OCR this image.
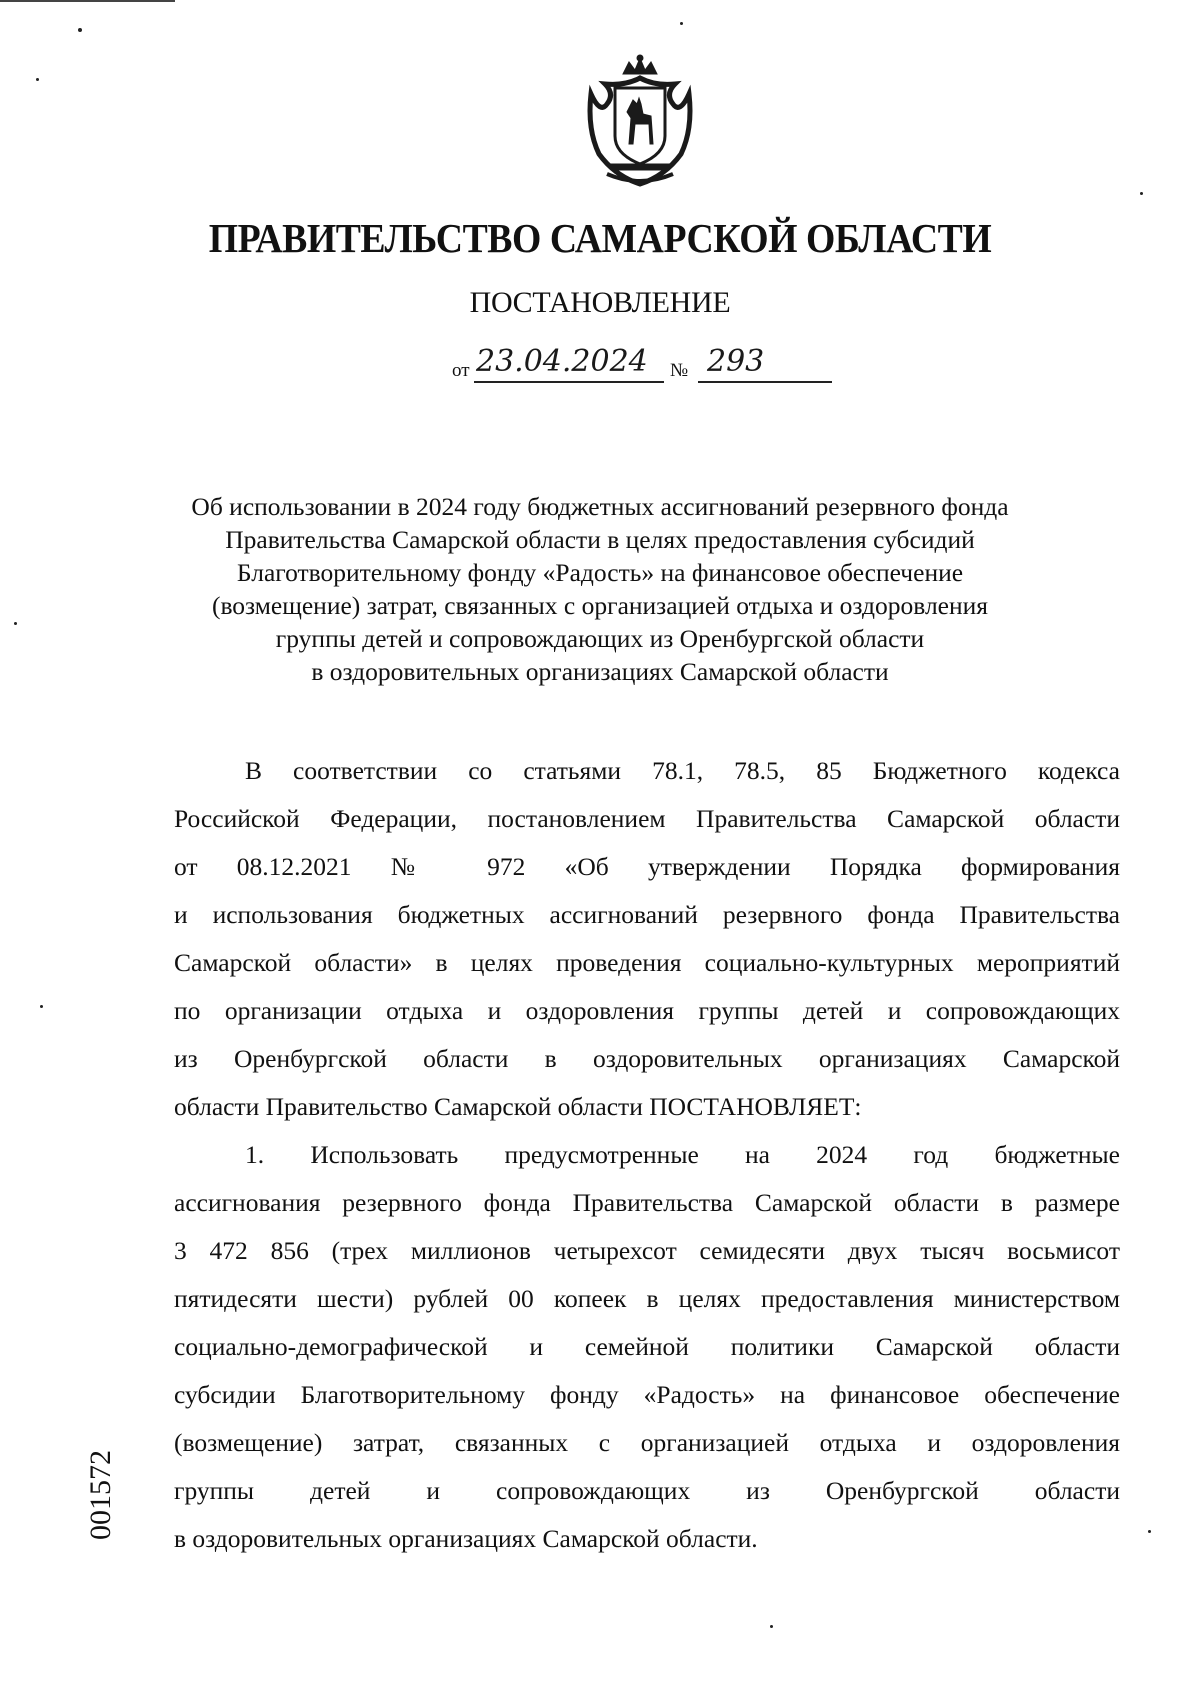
ПРАВИТЕЛЬСТВО САМАРСКОЙ ОБЛАСТИ
ПОСТАНОВЛЕНИЕ
от 23.04.2024 № 293
Об использовании в 2024 году бюджетных ассигнований резервного фонда
Правительства Самарской области в целях предоставления субсидий
Благотворительному фонду «Радость» на финансовое обеспечение
(возмещение) затрат, связанных с организацией отдыха и оздоровления
группы детей и сопровождающих из Оренбургской области
в оздоровительных организациях Самарской области
В соответствии со статьями 78.1, 78.5, 85 Бюджетного кодекса
Российской Федерации, постановлением Правительства Самарской области
от 08.12.2021 № 972 «Об утверждении Порядка формирования
и использования бюджетных ассигнований резервного фонда Правительства
Самарской области» в целях проведения социально-культурных мероприятий
по организации отдыха и оздоровления группы детей и сопровождающих
из Оренбургской области в оздоровительных организациях Самарской
области Правительство Самарской области ПОСТАНОВЛЯЕТ:
1. Использовать предусмотренные на 2024 год бюджетные
ассигнования резервного фонда Правительства Самарской области в размере
3 472 856 (трех миллионов четырехсот семидесяти двух тысяч восьмисот
пятидесяти шести) рублей 00 копеек в целях предоставления министерством
социально-демографической и семейной политики Самарской области
субсидии Благотворительному фонду «Радость» на финансовое обеспечение
(возмещение) затрат, связанных с организацией отдыха и оздоровления
группы детей и сопровождающих из Оренбургской области
в оздоровительных организациях Самарской области.
001572
